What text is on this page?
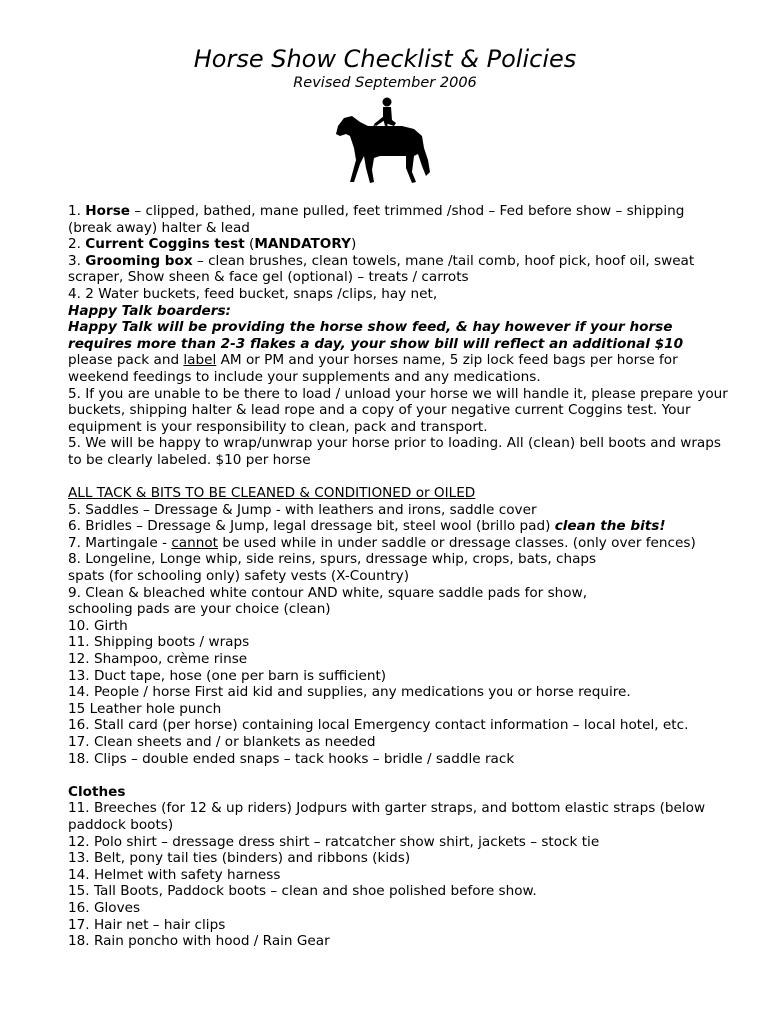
Horse Show Checklist & Policies
Revised September 2006

1. Horse – clipped, bathed, mane pulled, feet trimmed /shod – Fed before show – shipping (break away) halter & lead

2. Current Coggins test (MANDATORY)

3. Grooming box – clean brushes, clean towels, mane /tail comb, hoof pick, hoof oil, sweat scraper, Show sheen & face gel (optional) – treats / carrots

4. 2 Water buckets, feed bucket, snaps /clips, hay net,

Happy Talk boarders:

Happy Talk will be providing the horse show feed, & hay however if your horse requires more than 2-3 flakes a day, your show bill will reflect an additional $10 please pack and label AM or PM and your horses name, 5 zip lock feed bags per horse for weekend feedings to include your supplements and any medications.

5. If you are unable to be there to load / unload your horse we will handle it, please prepare your buckets, shipping halter & lead rope and a copy of your negative current Coggins test. Your equipment is your responsibility to clean, pack and transport.

5. We will be happy to wrap/unwrap your horse prior to loading. All (clean) bell boots and wraps to be clearly labeled. $10 per horse

ALL TACK & BITS TO BE CLEANED & CONDITIONED or OILED

5. Saddles – Dressage & Jump - with leathers and irons, saddle cover

6. Bridles – Dressage & Jump, legal dressage bit, steel wool (brillo pad) clean the bits!

7. Martingale - cannot be used while in under saddle or dressage classes. (only over fences)

8. Longeline, Longe whip, side reins, spurs, dressage whip, crops, bats, chaps

spats (for schooling only) safety vests (X-Country)

9. Clean & bleached white contour AND white, square saddle pads for show,

schooling pads are your choice (clean)

10. Girth

11. Shipping boots / wraps

12. Shampoo, crème rinse

13. Duct tape, hose (one per barn is sufficient)

14. People / horse First aid kid and supplies, any medications you or horse require.

15 Leather hole punch

16. Stall card (per horse) containing local Emergency contact information – local hotel, etc.

17. Clean sheets and / or blankets as needed

18. Clips – double ended snaps – tack hooks – bridle / saddle rack

Clothes

11. Breeches (for 12 & up riders) Jodpurs with garter straps, and bottom elastic straps (below paddock boots)

12. Polo shirt – dressage dress shirt – ratcatcher show shirt, jackets – stock tie

13. Belt, pony tail ties (binders) and ribbons (kids)

14. Helmet with safety harness

15. Tall Boots, Paddock boots – clean and shoe polished before show.

16. Gloves

17. Hair net – hair clips

18. Rain poncho with hood / Rain Gear
